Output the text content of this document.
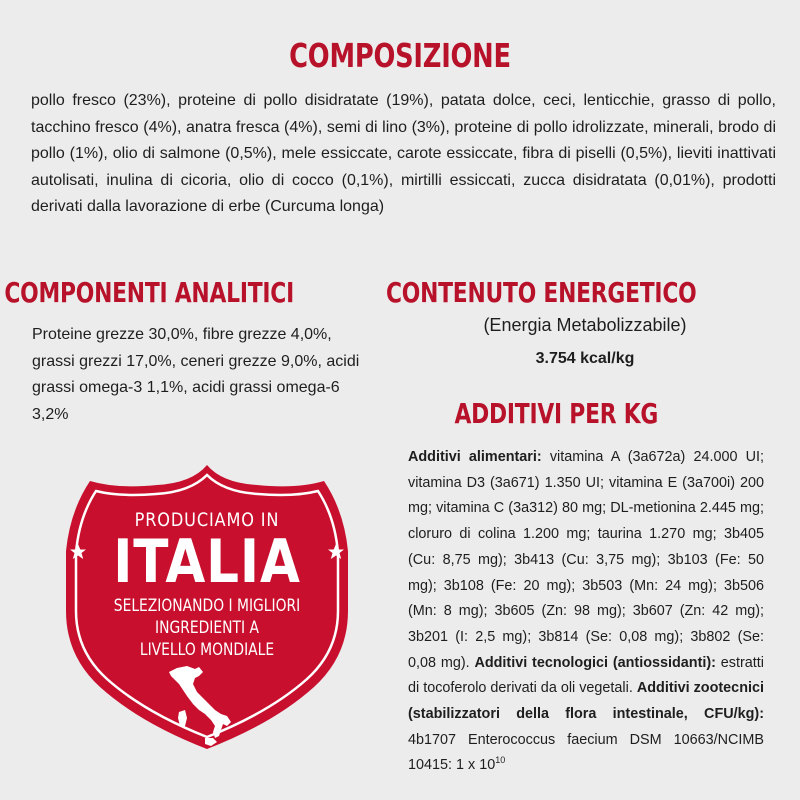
COMPOSIZIONE

pollo fresco (23%), proteine di pollo disidratate (19%), patata dolce, ceci, lenticchie, grasso di pollo, tacchino fresco (4%), anatra fresca (4%), semi di lino (3%), proteine di pollo idrolizzate, minerali, brodo di pollo (1%), olio di salmone (0,5%), mele essiccate, carote essiccate, fibra di piselli (0,5%), lieviti inattivati autolisati, inulina di cicoria, olio di cocco (0,1%), mirtilli essiccati, zucca disidratata (0,01%), prodotti derivati dalla lavorazione di erbe (Curcuma longa)

COMPONENTI ANALITICI

Proteine grezze 30,0%, fibre grezze 4,0%, grassi grezzi 17,0%, ceneri grezze 9,0%, acidi grassi omega-3 1,1%, acidi grassi omega-6 3,2%

CONTENUTO ENERGETICO
(Energia Metabolizzabile)
3.754 kcal/kg
ADDITIVI PER KG

Additivi alimentari: vitamina A (3a672a) 24.000 UI; vitamina D3 (3a671) 1.350 UI; vitamina E (3a700i) 200 mg; vitamina C (3a312) 80 mg; DL-metionina 2.445 mg; cloruro di colina 1.200 mg; taurina 1.270 mg; 3b405 (Cu: 8,75 mg); 3b413 (Cu: 3,75 mg); 3b103 (Fe: 50 mg); 3b108 (Fe: 20 mg); 3b503 (Mn: 24 mg); 3b506 (Mn: 8 mg); 3b605 (Zn: 98 mg); 3b607 (Zn: 42 mg); 3b201 (I: 2,5 mg); 3b814 (Se: 0,08 mg); 3b802 (Se: 0,08 mg). Additivi tecnologici (antiossidanti): estratti di tocoferolo derivati da oli vegetali. Additivi zootecnici (stabilizzatori della flora intestinale, CFU/kg): 4b1707 Enterococcus faecium DSM 10663/NCIMB 10415: 1 x $10^{10}$

PRODUCIAMO IN
ITALIA
SELEZIONANDO I MIGLIORI
INGREDIENTI A
LIVELLO MONDIALE
